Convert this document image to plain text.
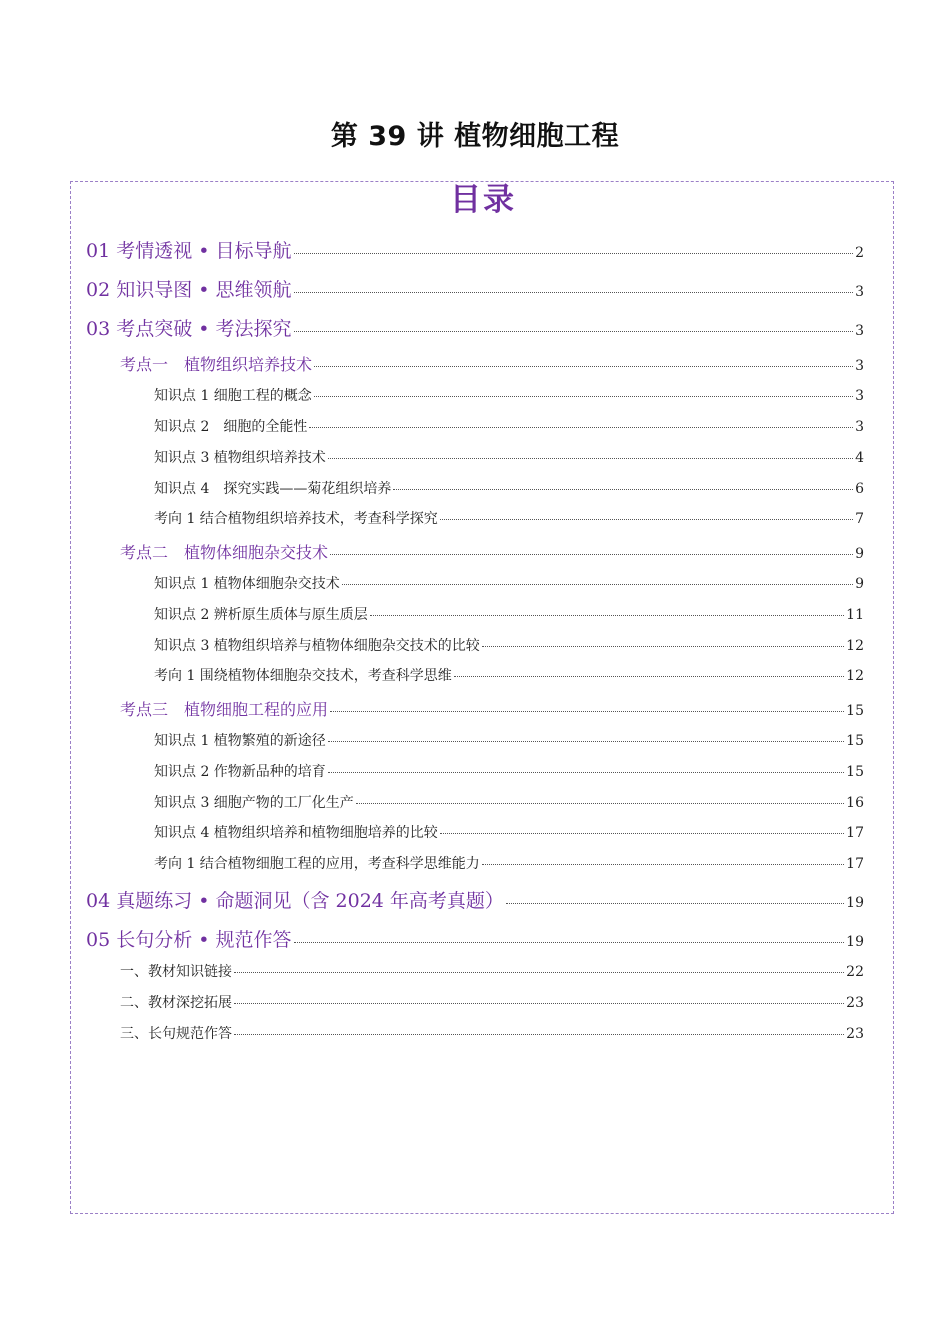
第 39 讲 植物细胞工程
目录
01 考情透视 • 目标导航	2
02 知识导图 • 思维领航	3
03 考点突破 • 考法探究	3
考点一　植物组织培养技术	3
知识点 1 细胞工程的概念	3
知识点 2　细胞的全能性	3
知识点 3 植物组织培养技术	4
知识点 4　探究实践——菊花组织培养	6
考向 1 结合植物组织培养技术，考查科学探究	7
考点二　植物体细胞杂交技术	9
知识点 1 植物体细胞杂交技术	9
知识点 2 辨析原生质体与原生质层	11
知识点 3 植物组织培养与植物体细胞杂交技术的比较	12
考向 1 围绕植物体细胞杂交技术，考查科学思维	12
考点三　植物细胞工程的应用	15
知识点 1 植物繁殖的新途径	15
知识点 2 作物新品种的培育	15
知识点 3 细胞产物的工厂化生产	16
知识点 4 植物组织培养和植物细胞培养的比较	17
考向 1 结合植物细胞工程的应用，考查科学思维能力	17
04 真题练习 • 命题洞见（含 2024 年高考真题）	19
05 长句分析 • 规范作答	19
一、教材知识链接	22
二、教材深挖拓展	23
三、长句规范作答	23
